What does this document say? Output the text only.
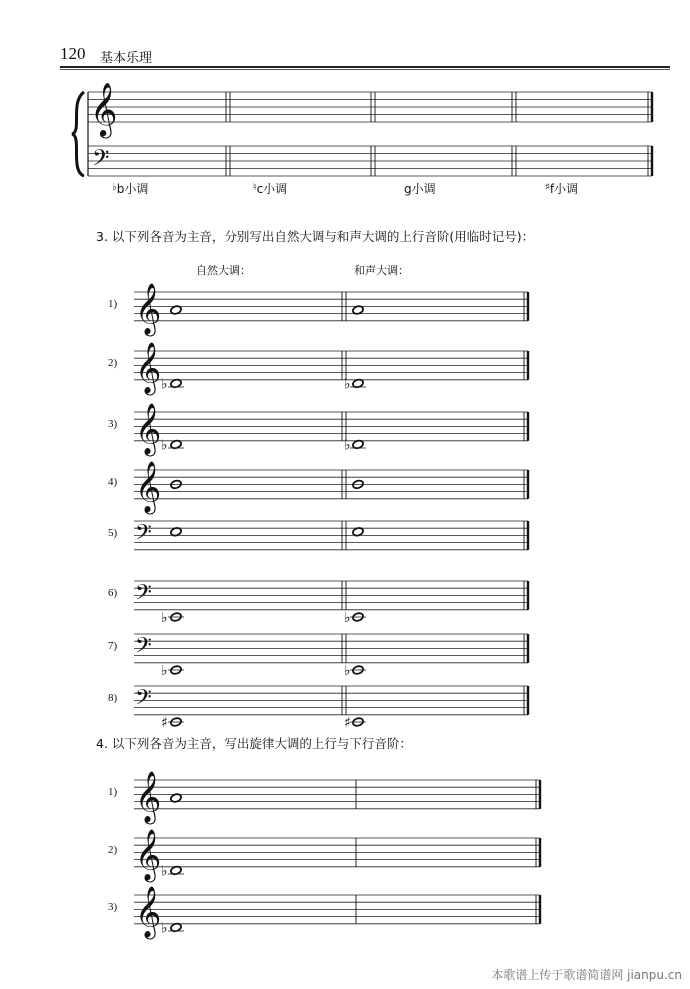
120 基本乐理
𝄞
𝄢
♭b小调	♮c小调	g小调	♯f小调
3. 以下列各音为主音，分别写出自然大调与和声大调的上行音阶(用临时记号)：
自然大调：	和声大调：
1) 𝄞
2) 𝄞 ♭	♭
3) 𝄞 ♭	♭
4) 𝄞
5) 𝄢
6) 𝄢
♭	♭
7) 𝄢
♭	♭
8) 𝄢
♯	♯
4. 以下列各音为主音，写出旋律大调的上行与下行音阶：
1) 𝄞
2) 𝄞 ♭
3) 𝄞 ♭
本歌谱上传于歌谱简谱网 jianpu.cn
